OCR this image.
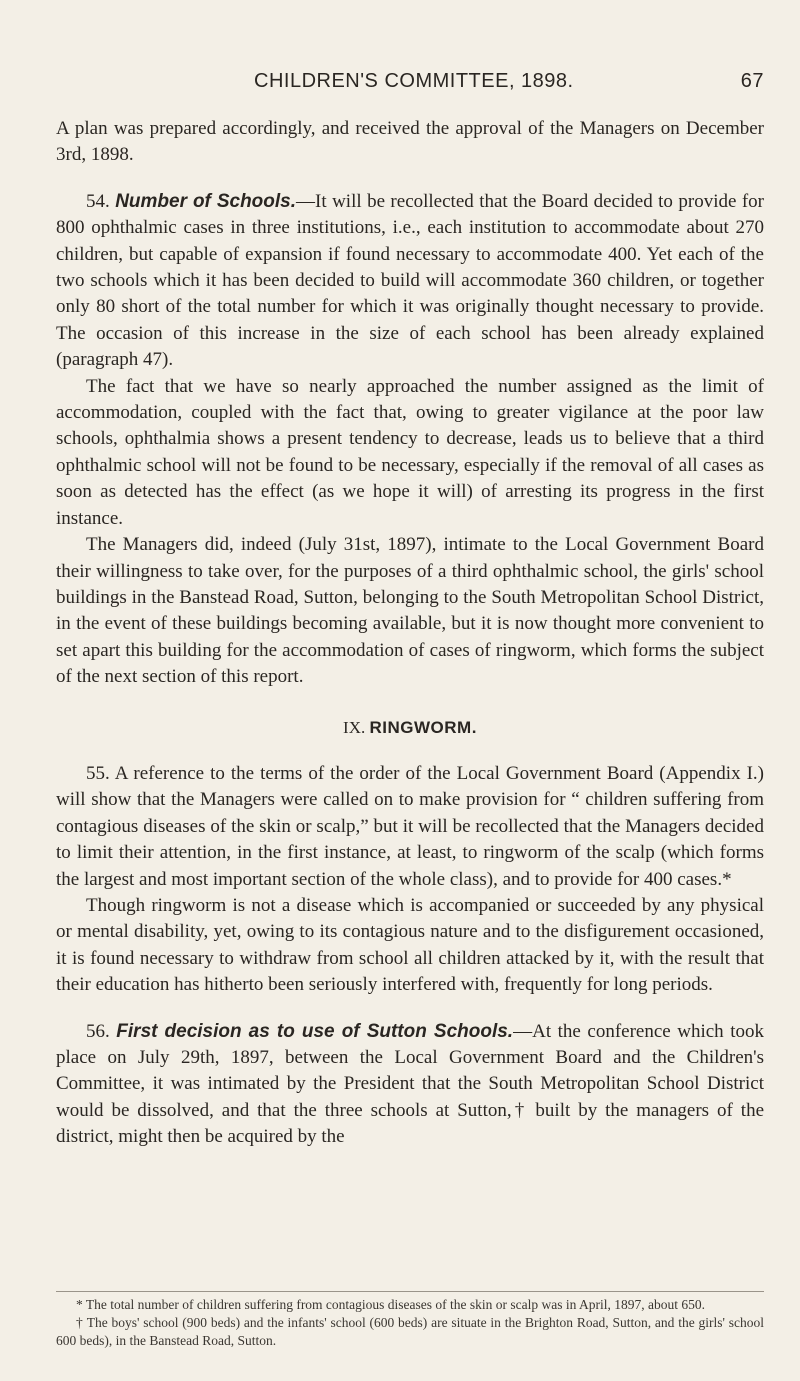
CHILDREN'S COMMITTEE, 1898.	67

A plan was prepared accordingly, and received the approval of the Managers on December 3rd, 1898.

54. Number of Schools.—It will be recollected that the Board decided to provide for 800 ophthalmic cases in three institutions, i.e., each institution to accommodate about 270 children, but capable of expansion if found necessary to accommodate 400. Yet each of the two schools which it has been decided to build will accommodate 360 children, or together only 80 short of the total number for which it was originally thought necessary to provide. The occasion of this increase in the size of each school has been already explained (paragraph 47).

The fact that we have so nearly approached the number assigned as the limit of accommodation, coupled with the fact that, owing to greater vigilance at the poor law schools, ophthalmia shows a present tendency to decrease, leads us to believe that a third ophthalmic school will not be found to be necessary, especially if the removal of all cases as soon as detected has the effect (as we hope it will) of arresting its progress in the first instance.

The Managers did, indeed (July 31st, 1897), intimate to the Local Government Board their willingness to take over, for the purposes of a third ophthalmic school, the girls' school buildings in the Banstead Road, Sutton, belonging to the South Metropolitan School District, in the event of these buildings becoming available, but it is now thought more convenient to set apart this building for the accommodation of cases of ringworm, which forms the subject of the next section of this report.

IX. RINGWORM.

55. A reference to the terms of the order of the Local Government Board (Appendix I.) will show that the Managers were called on to make provision for “ children suffering from contagious diseases of the skin or scalp,” but it will be recollected that the Managers decided to limit their attention, in the first instance, at least, to ringworm of the scalp (which forms the largest and most important section of the whole class), and to provide for 400 cases.*

Though ringworm is not a disease which is accompanied or succeeded by any physical or mental disability, yet, owing to its contagious nature and to the disfigurement occasioned, it is found necessary to withdraw from school all children attacked by it, with the result that their education has hitherto been seriously interfered with, frequently for long periods.

56. First decision as to use of Sutton Schools.—At the conference which took place on July 29th, 1897, between the Local Government Board and the Children's Committee, it was intimated by the President that the South Metropolitan School District would be dissolved, and that the three schools at Sutton,† built by the managers of the district, might then be acquired by the

* The total number of children suffering from contagious diseases of the skin or scalp was in April, 1897, about 650.

† The boys' school (900 beds) and the infants' school (600 beds) are situate in the Brighton Road, Sutton, and the girls' school 600 beds), in the Banstead Road, Sutton.
